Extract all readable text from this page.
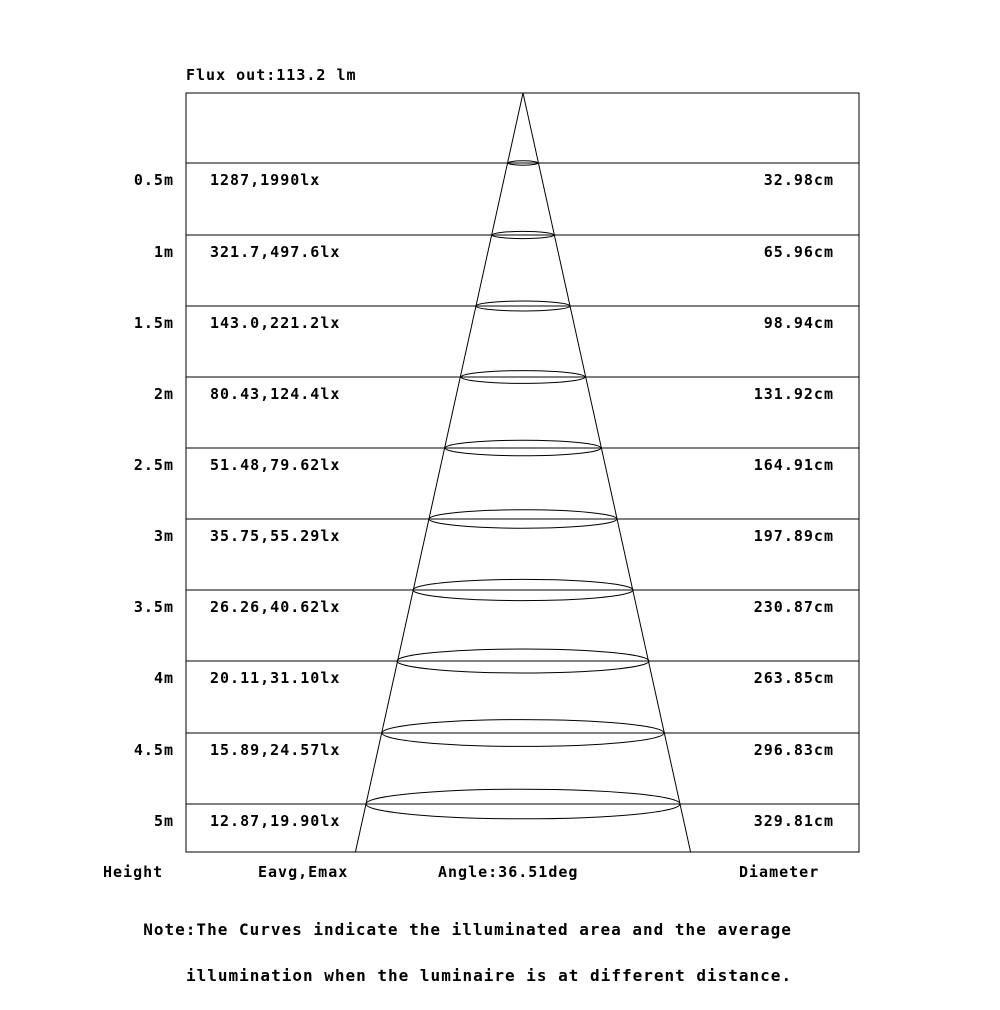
Flux out:113.2 lm
0.5m 1287,1990lx	32.98cm
1m 321.7,497.6lx	65.96cm
1.5m 143.0,221.2lx	98.94cm
2m 80.43,124.4lx	131.92cm
2.5m 51.48,79.62lx	164.91cm
3m 35.75,55.29lx	197.89cm
3.5m 26.26,40.62lx	230.87cm
4m 20.11,31.10lx	263.85cm
4.5m 15.89,24.57lx	296.83cm
5m 12.87,19.90lx	329.81cm
Height	Eavg,Emax	Angle:36.51deg	Diameter

Note:The Curves indicate the illuminated area and the average

illumination when the luminaire is at different distance.
